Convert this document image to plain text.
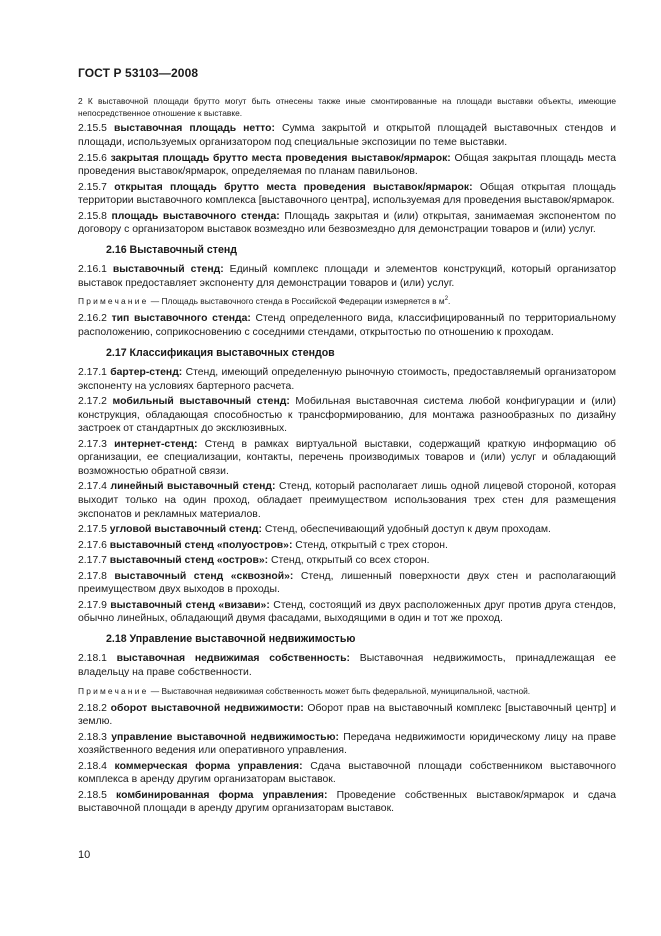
ГОСТ Р 53103—2008

2 К выставочной площади брутто могут быть отнесены также иные смонтированные на площади выставки объекты, имеющие непосредственное отношение к выставке.

2.15.5 выставочная площадь нетто: Сумма закрытой и открытой площадей выставочных стендов и площади, используемых организатором под специальные экспозиции по теме выставки.

2.15.6 закрытая площадь брутто места проведения выставок/ярмарок: Общая закрытая площадь места проведения выставок/ярмарок, определяемая по планам павильонов.

2.15.7 открытая площадь брутто места проведения выставок/ярмарок: Общая открытая площадь территории выставочного комплекса [выставочного центра], используемая для проведения выставок/ярмарок.

2.15.8 площадь выставочного стенда: Площадь закрытая и (или) открытая, занимаемая экспонентом по договору с организатором выставок возмездно или безвозмездно для демонстрации товаров и (или) услуг.

2.16 Выставочный стенд

2.16.1 выставочный стенд: Единый комплекс площади и элементов конструкций, который организатор выставок предоставляет экспоненту для демонстрации товаров и (или) услуг.

Примечание — Площадь выставочного стенда в Российской Федерации измеряется в $м^2$.

2.16.2 тип выставочного стенда: Стенд определенного вида, классифицированный по территориальному расположению, соприкосновению с соседними стендами, открытостью по отношению к проходам.

2.17 Классификация выставочных стендов

2.17.1 бартер-стенд: Стенд, имеющий определенную рыночную стоимость, предоставляемый организатором экспоненту на условиях бартерного расчета.

2.17.2 мобильный выставочный стенд: Мобильная выставочная система любой конфигурации и (или) конструкция, обладающая способностью к трансформированию, для монтажа разнообразных по дизайну застроек от стандартных до эксклюзивных.

2.17.3 интернет-стенд: Стенд в рамках виртуальной выставки, содержащий краткую информацию об организации, ее специализации, контакты, перечень производимых товаров и (или) услуг и обладающий возможностью обратной связи.

2.17.4 линейный выставочный стенд: Стенд, который располагает лишь одной лицевой стороной, которая выходит только на один проход, обладает преимуществом использования трех стен для размещения экспонатов и рекламных материалов.

2.17.5 угловой выставочный стенд: Стенд, обеспечивающий удобный доступ к двум проходам.

2.17.6 выставочный стенд «полуостров»: Стенд, открытый с трех сторон.

2.17.7 выставочный стенд «остров»: Стенд, открытый со всех сторон.

2.17.8 выставочный стенд «сквозной»: Стенд, лишенный поверхности двух стен и располагающий преимуществом двух выходов в проходы.

2.17.9 выставочный стенд «визави»: Стенд, состоящий из двух расположенных друг против друга стендов, обычно линейных, обладающий двумя фасадами, выходящими в один и тот же проход.

2.18 Управление выставочной недвижимостью

2.18.1 выставочная недвижимая собственность: Выставочная недвижимость, принадлежащая ее владельцу на праве собственности.

Примечание — Выставочная недвижимая собственность может быть федеральной, муниципальной, частной.

2.18.2 оборот выставочной недвижимости: Оборот прав на выставочный комплекс [выставочный центр] и землю.

2.18.3 управление выставочной недвижимостью: Передача недвижимости юридическому лицу на праве хозяйственного ведения или оперативного управления.

2.18.4 коммерческая форма управления: Сдача выставочной площади собственником выставочного комплекса в аренду другим организаторам выставок.

2.18.5 комбинированная форма управления: Проведение собственных выставок/ярмарок и сдача выставочной площади в аренду другим организаторам выставок.

10
